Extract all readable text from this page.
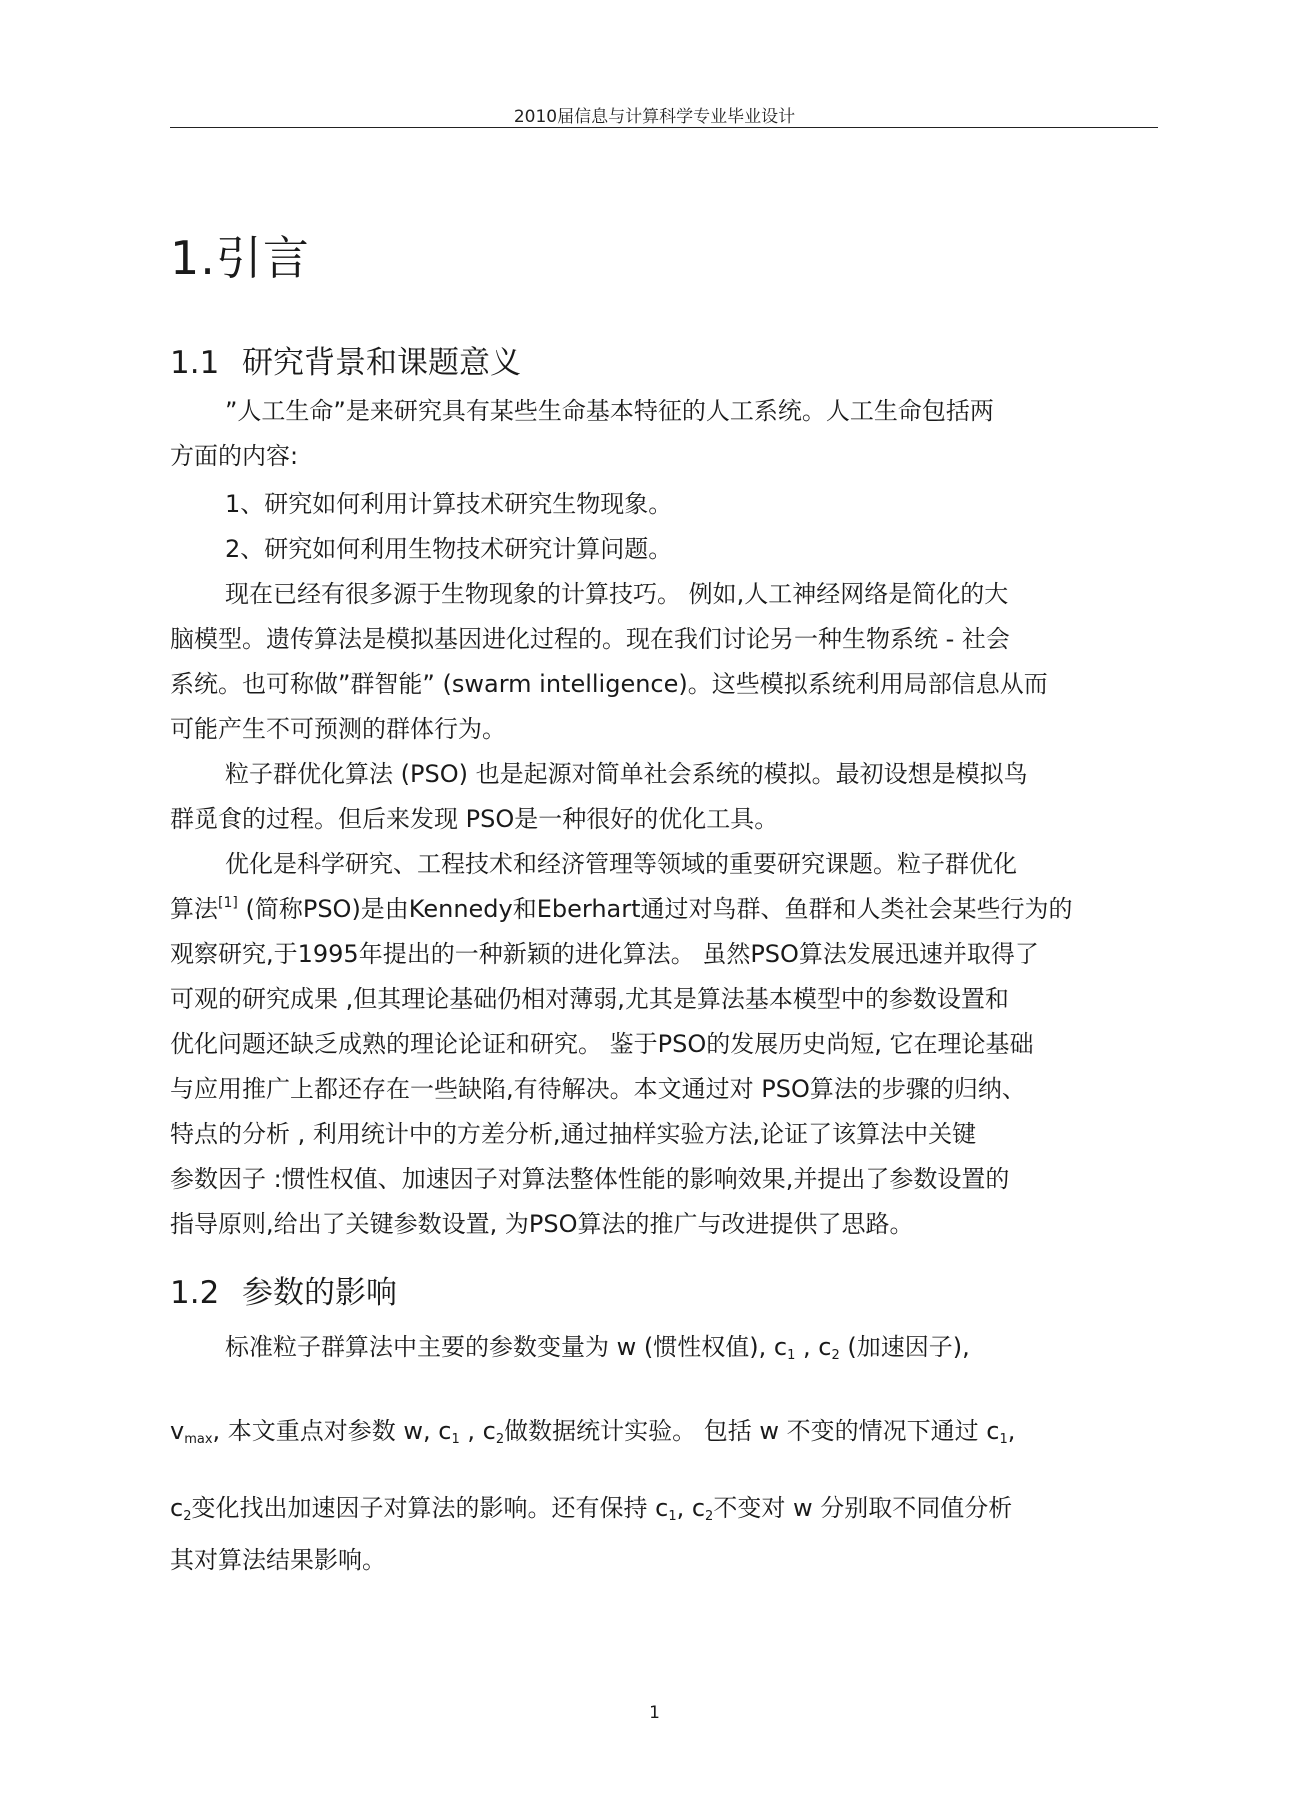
2010届信息与计算科学专业毕业设计
1.引言
1.1 研究背景和课题意义
”人工生命”是来研究具有某些生命基本特征的人工系统。人工生命包括两
方面的内容:
1、研究如何利用计算技术研究生物现象。
2、研究如何利用生物技术研究计算问题。
现在已经有很多源于生物现象的计算技巧。 例如,人工神经网络是简化的大
脑模型。遗传算法是模拟基因进化过程的。现在我们讨论另一种生物系统 - 社会
系统。也可称做”群智能” (swarm intelligence)。这些模拟系统利用局部信息从而
可能产生不可预测的群体行为。
粒子群优化算法 (PSO) 也是起源对简单社会系统的模拟。最初设想是模拟鸟
群觅食的过程。但后来发现 PSO是一种很好的优化工具。
优化是科学研究、工程技术和经济管理等领域的重要研究课题。粒子群优化
算法[1] (简称PSO)是由Kennedy和Eberhart通过对鸟群、鱼群和人类社会某些行为的
观察研究,于1995年提出的一种新颖的进化算法。 虽然PSO算法发展迅速并取得了
可观的研究成果 ,但其理论基础仍相对薄弱,尤其是算法基本模型中的参数设置和
优化问题还缺乏成熟的理论论证和研究。 鉴于PSO的发展历史尚短, 它在理论基础
与应用推广上都还存在一些缺陷,有待解决。本文通过对 PSO算法的步骤的归纳、
特点的分析 , 利用统计中的方差分析,通过抽样实验方法,论证了该算法中关键
参数因子 :惯性权值、加速因子对算法整体性能的影响效果,并提出了参数设置的
指导原则,给出了关键参数设置, 为PSO算法的推广与改进提供了思路。
1.2 参数的影响
标准粒子群算法中主要的参数变量为 w (惯性权值), $c_1$ , $c_2$ (加速因子),
$v_{max}$, 本文重点对参数 w, $c_1$ , $c_2$做数据统计实验。 包括 w 不变的情况下通过 $c_1$,
$c_2$变化找出加速因子对算法的影响。还有保持 $c_1$, $c_2$不变对 w 分别取不同值分析
其对算法结果影响。
1
